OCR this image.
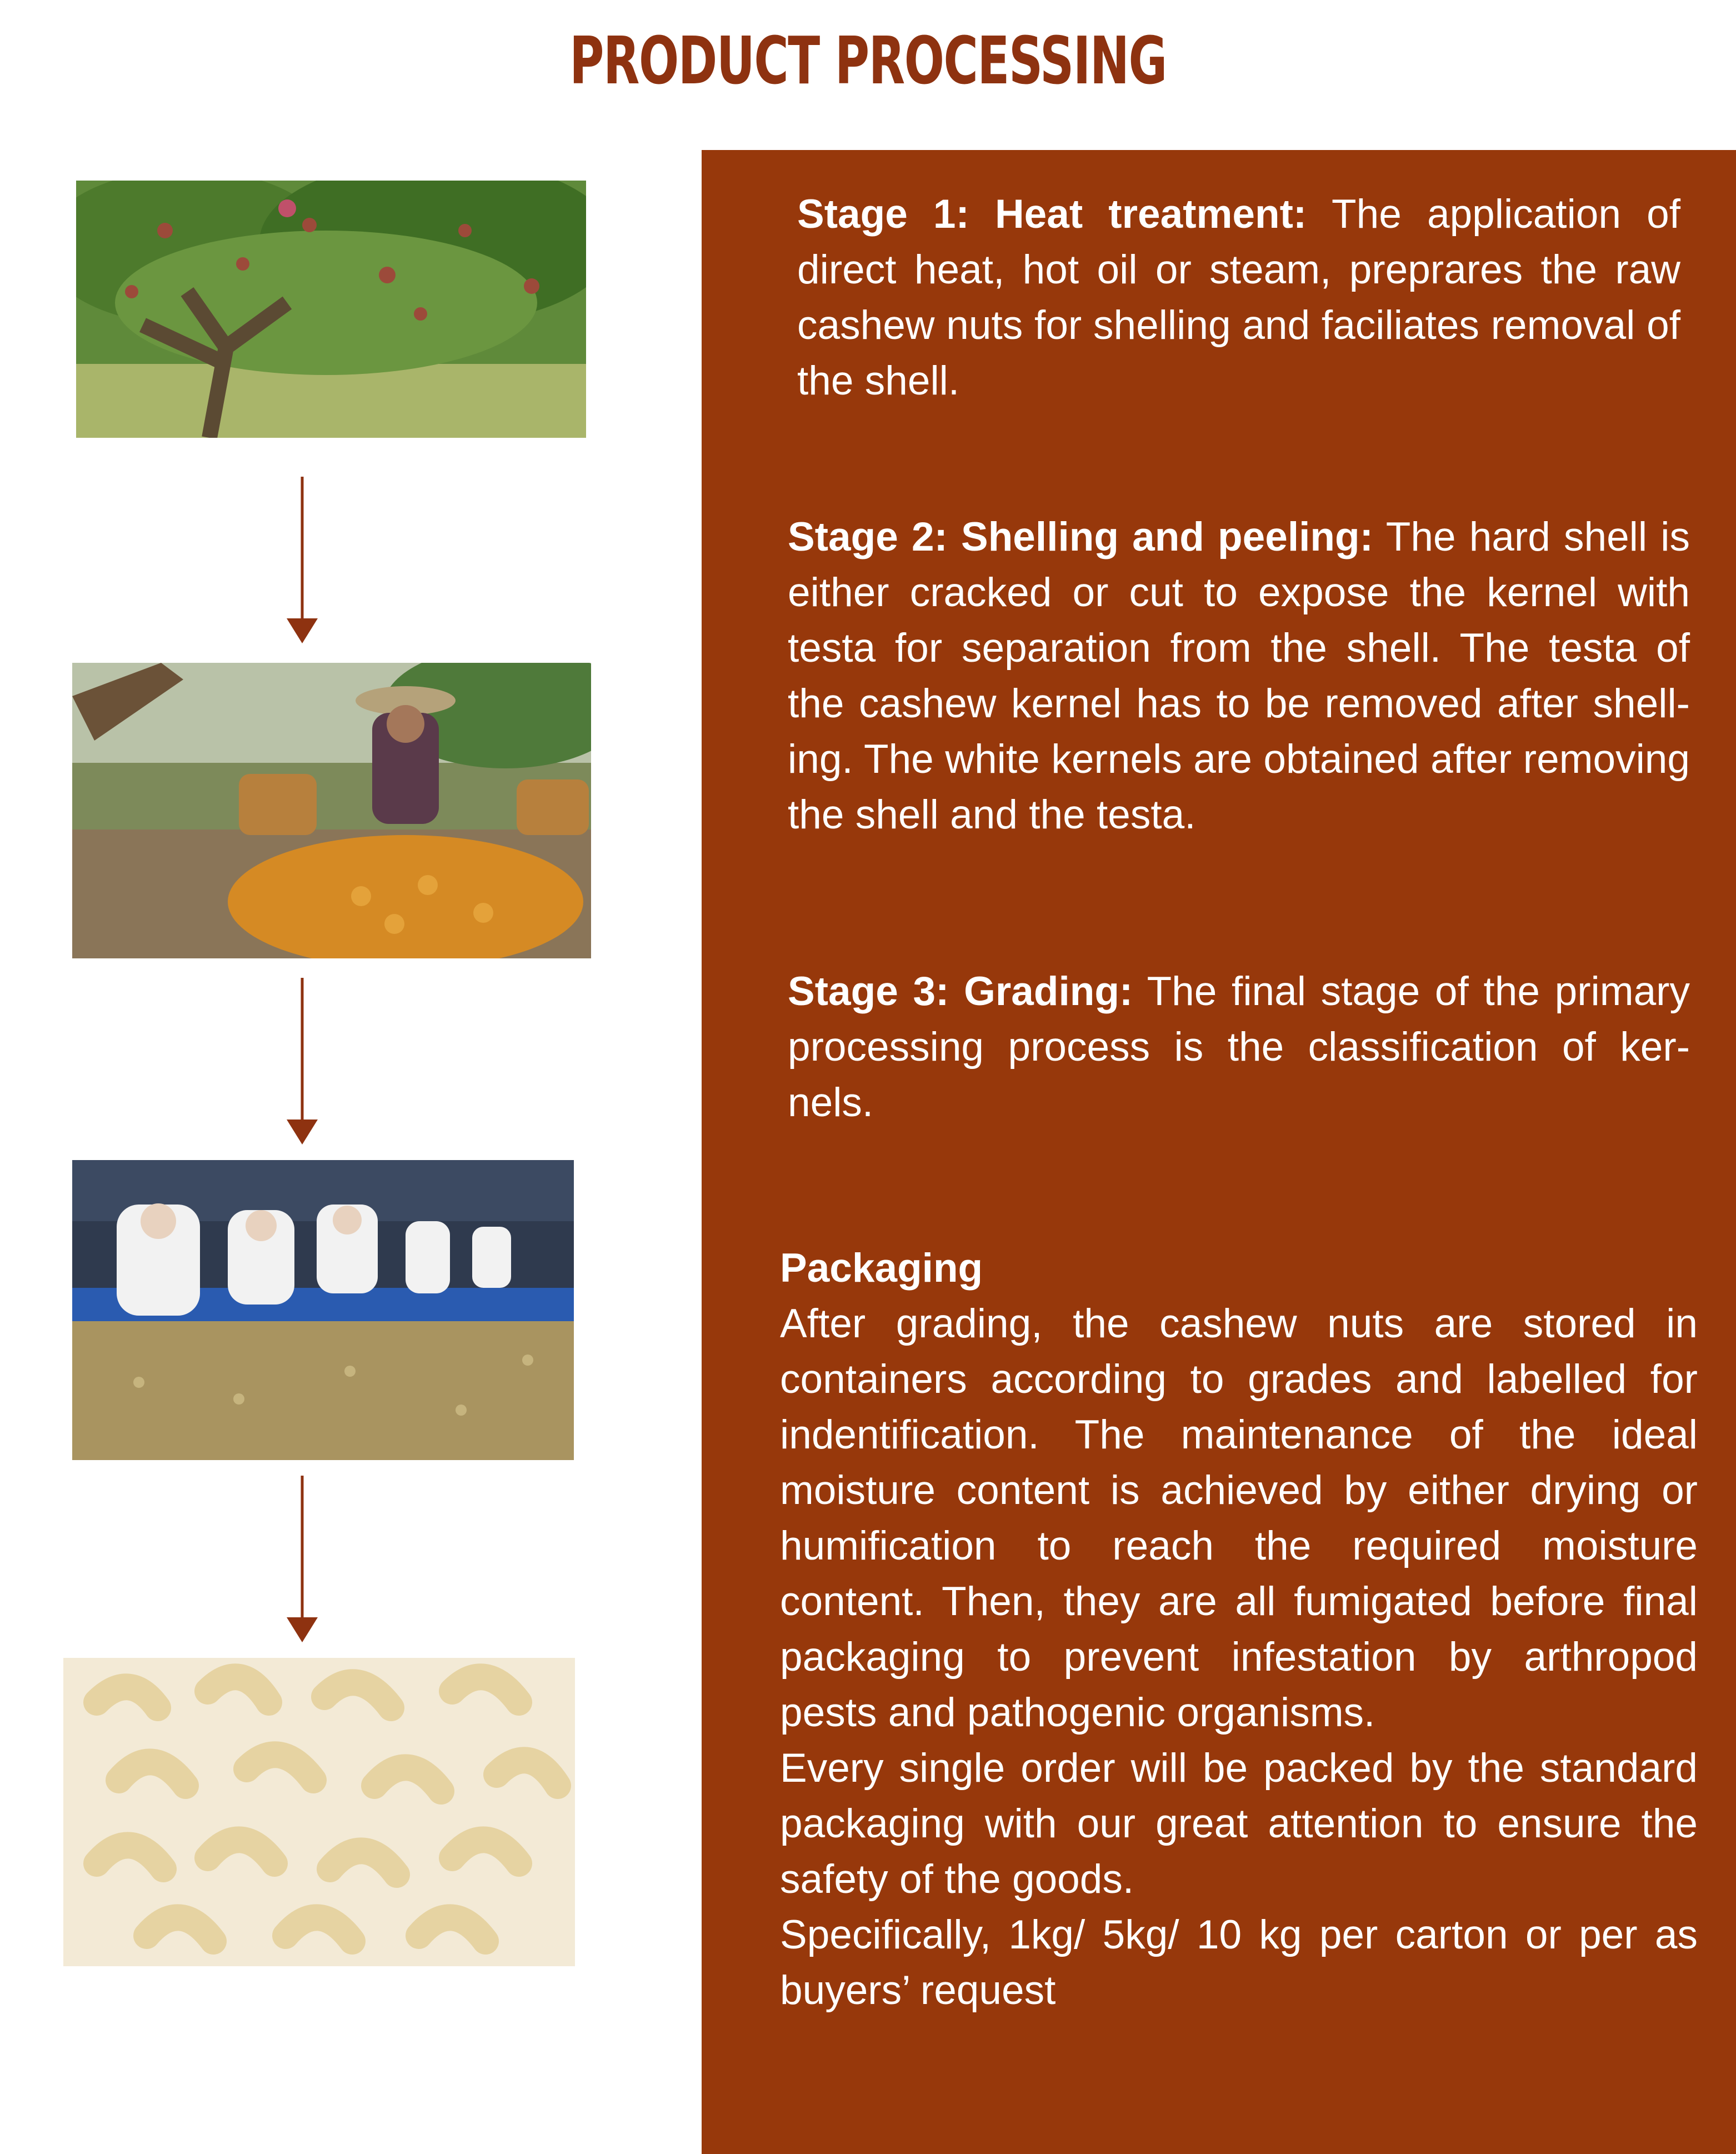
PRODUCT PROCESSING
Stage 1: Heat treatment: The application of direct heat, hot oil or steam, preprares the raw cashew nuts for shelling and faciliates removal of the shell.
Stage 2: Shelling and peeling: The hard shell is either cracked or cut to expose the kernel with testa for separation from the shell. The testa of the cashew kernel has to be removed after shell- ing. The white kernels are obtained after removing the shell and the testa.
Stage 3: Grading: The final stage of the primary processing process is the classification of ker- nels.
Packaging
After grading, the cashew nuts are stored in containers according to grades and labelled for indentification. The maintenance of the ideal moisture content is achieved by either drying or humification to reach the required moisture content. Then, they are all fumigated before final packaging to prevent infestation by arthropod pests and pathogenic organisms.
Every single order will be packed by the standard packaging with our great attention to ensure the safety of the goods.
Specifically, 1kg/ 5kg/ 10 kg per carton or per as buyers’ request
